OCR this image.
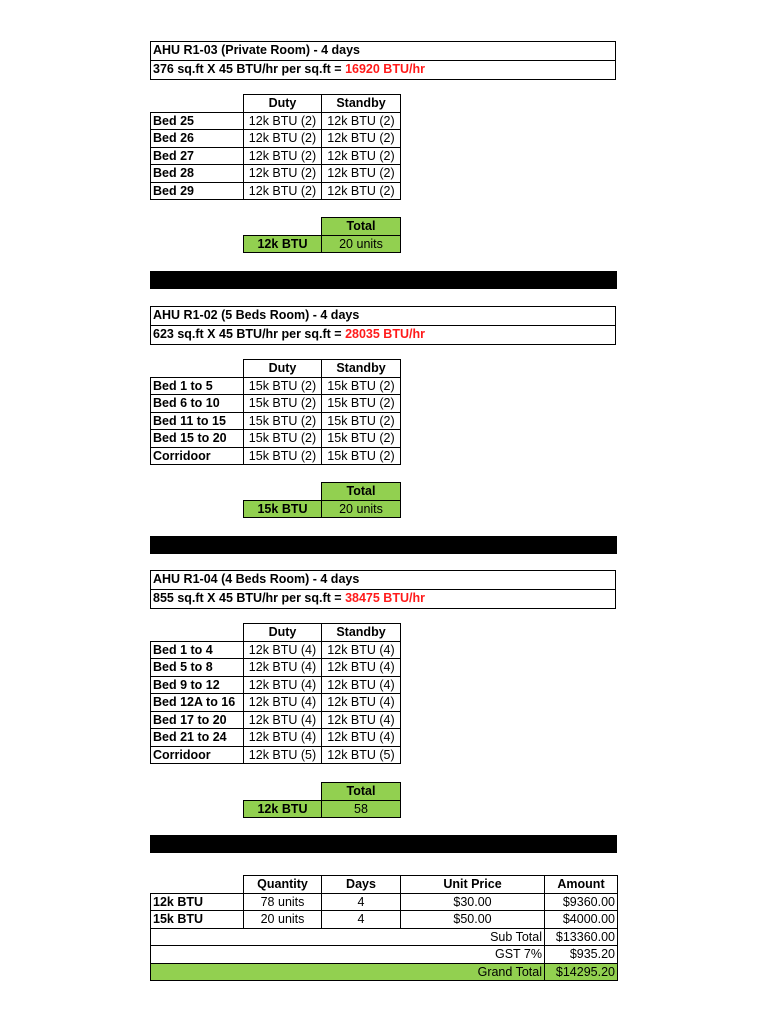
AHU R1-03 (Private Room) - 4 days
376 sq.ft X 45 BTU/hr per sq.ft = 16920 BTU/hr
	Duty	Standby
Bed 25	12k BTU (2)	12k BTU (2)
Bed 26	12k BTU (2)	12k BTU (2)
Bed 27	12k BTU (2)	12k BTU (2)
Bed 28	12k BTU (2)	12k BTU (2)
Bed 29	12k BTU (2)	12k BTU (2)
	Total
12k BTU	20 units
AHU R1-02 (5 Beds Room) - 4 days
623 sq.ft X 45 BTU/hr per sq.ft = 28035 BTU/hr
	Duty	Standby
Bed 1 to 5	15k BTU (2)	15k BTU (2)
Bed 6 to 10	15k BTU (2)	15k BTU (2)
Bed 11 to 15	15k BTU (2)	15k BTU (2)
Bed 15 to 20	15k BTU (2)	15k BTU (2)
Corridoor	15k BTU (2)	15k BTU (2)
	Total
15k BTU	20 units
AHU R1-04 (4 Beds Room) - 4 days
855 sq.ft X 45 BTU/hr per sq.ft = 38475 BTU/hr
	Duty	Standby
Bed 1 to 4	12k BTU (4)	12k BTU (4)
Bed 5 to 8	12k BTU (4)	12k BTU (4)
Bed 9 to 12	12k BTU (4)	12k BTU (4)
Bed 12A to 16	12k BTU (4)	12k BTU (4)
Bed 17 to 20	12k BTU (4)	12k BTU (4)
Bed 21 to 24	12k BTU (4)	12k BTU (4)
Corridoor	12k BTU (5)	12k BTU (5)
	Total
12k BTU	58
	Quantity	Days	Unit Price	Amount
12k BTU	78 units	4	$30.00	$9360.00
15k BTU	20 units	4	$50.00	$4000.00
Sub Total				$13360.00
GST 7%				$935.20
Grand Total				$14295.20
